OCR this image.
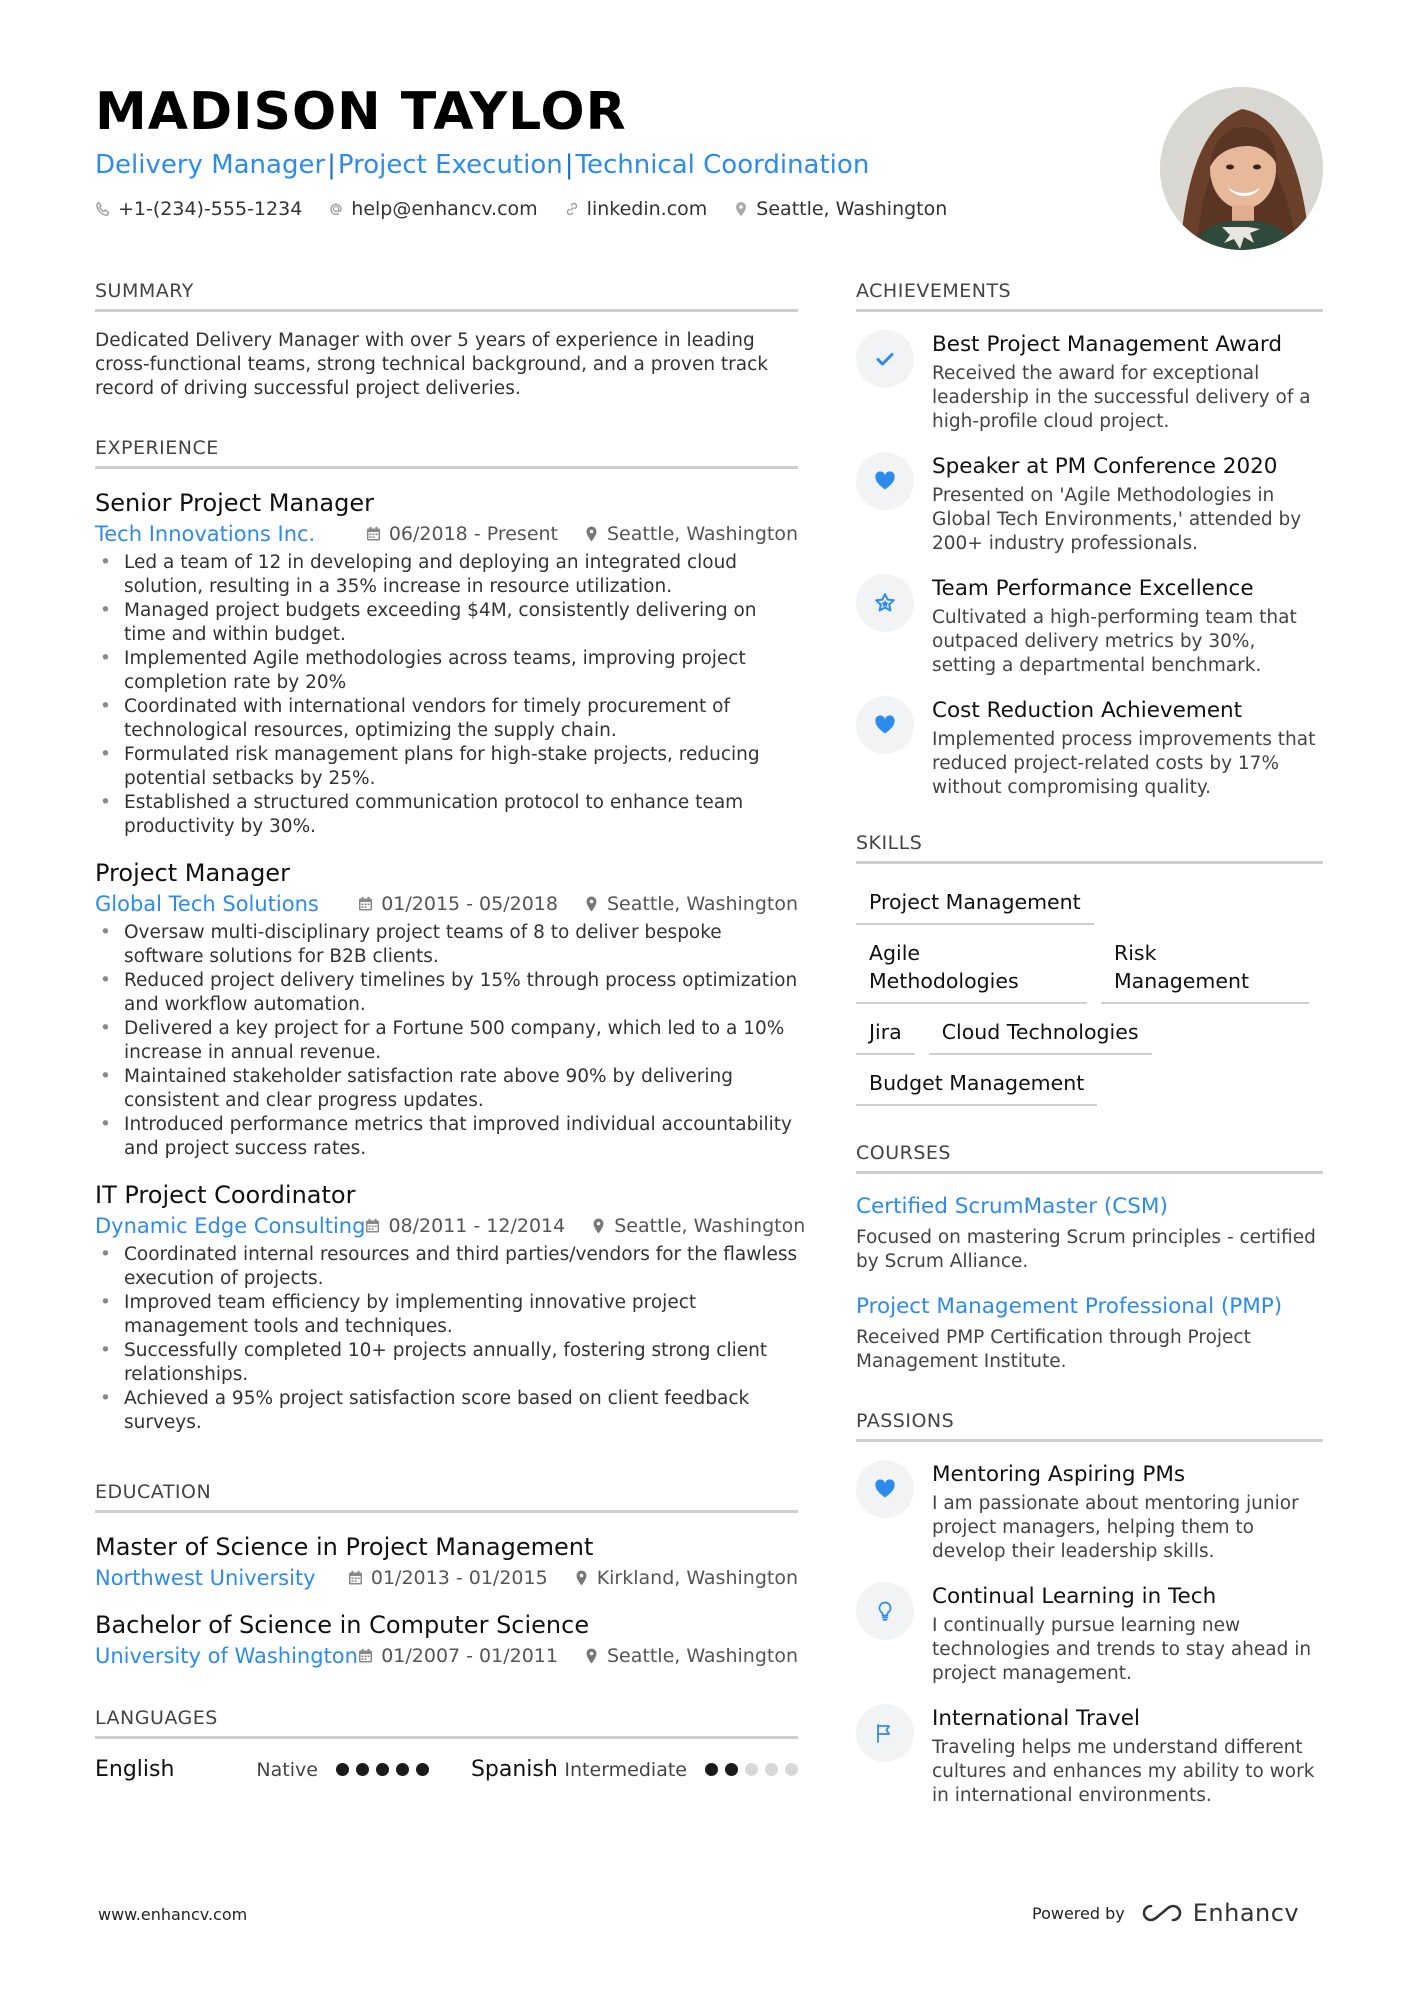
MADISON TAYLOR
Delivery Manager|Project Execution|Technical Coordination
+1-(234)-555-1234	help@enhancv.com	linkedin.com	Seattle, Washington
SUMMARY
Dedicated Delivery Manager with over 5 years of experience in leading cross-functional teams, strong technical background, and a proven track record of driving successful project deliveries.
EXPERIENCE
Senior Project Manager
Tech Innovations Inc.	06/2018 - Present	Seattle, Washington
• Led a team of 12 in developing and deploying an integrated cloud solution, resulting in a 35% increase in resource utilization.
• Managed project budgets exceeding $4M, consistently delivering on time and within budget.
• Implemented Agile methodologies across teams, improving project completion rate by 20%
• Coordinated with international vendors for timely procurement of technological resources, optimizing the supply chain.
• Formulated risk management plans for high-stake projects, reducing potential setbacks by 25%.
• Established a structured communication protocol to enhance team productivity by 30%.
Project Manager
Global Tech Solutions	01/2015 - 05/2018	Seattle, Washington
• Oversaw multi-disciplinary project teams of 8 to deliver bespoke software solutions for B2B clients.
• Reduced project delivery timelines by 15% through process optimization and workflow automation.
• Delivered a key project for a Fortune 500 company, which led to a 10% increase in annual revenue.
• Maintained stakeholder satisfaction rate above 90% by delivering consistent and clear progress updates.
• Introduced performance metrics that improved individual accountability and project success rates.
IT Project Coordinator
Dynamic Edge Consulting 08/2011 - 12/2014	Seattle, Washington
• Coordinated internal resources and third parties/vendors for the flawless execution of projects.
• Improved team efficiency by implementing innovative project management tools and techniques.
• Successfully completed 10+ projects annually, fostering strong client relationships.
• Achieved a 95% project satisfaction score based on client feedback surveys.
EDUCATION
Master of Science in Project Management
Northwest University	01/2013 - 01/2015	Kirkland, Washington
Bachelor of Science in Computer Science
University of Washington 01/2007 - 01/2011	Seattle, Washington
LANGUAGES
English	Native	Spanish Intermediate
ACHIEVEMENTS
Best Project Management Award
Received the award for exceptional leadership in the successful delivery of a high-profile cloud project.
Speaker at PM Conference 2020
Presented on 'Agile Methodologies in Global Tech Environments,' attended by 200+ industry professionals.
Team Performance Excellence
Cultivated a high-performing team that outpaced delivery metrics by 30%, setting a departmental benchmark.
Cost Reduction Achievement
Implemented process improvements that reduced project-related costs by 17% without compromising quality.
SKILLS
Project Management
Agile Methodologies
Risk Management
Jira	Cloud Technologies
Budget Management
COURSES
Certified ScrumMaster (CSM)
Focused on mastering Scrum principles - certified by Scrum Alliance.
Project Management Professional (PMP)
Received PMP Certification through Project Management Institute.
PASSIONS
Mentoring Aspiring PMs
I am passionate about mentoring junior project managers, helping them to develop their leadership skills.
Continual Learning in Tech
I continually pursue learning new technologies and trends to stay ahead in project management.
International Travel
Traveling helps me understand different cultures and enhances my ability to work in international environments.
www.enhancv.com	Powered by	Enhancv
